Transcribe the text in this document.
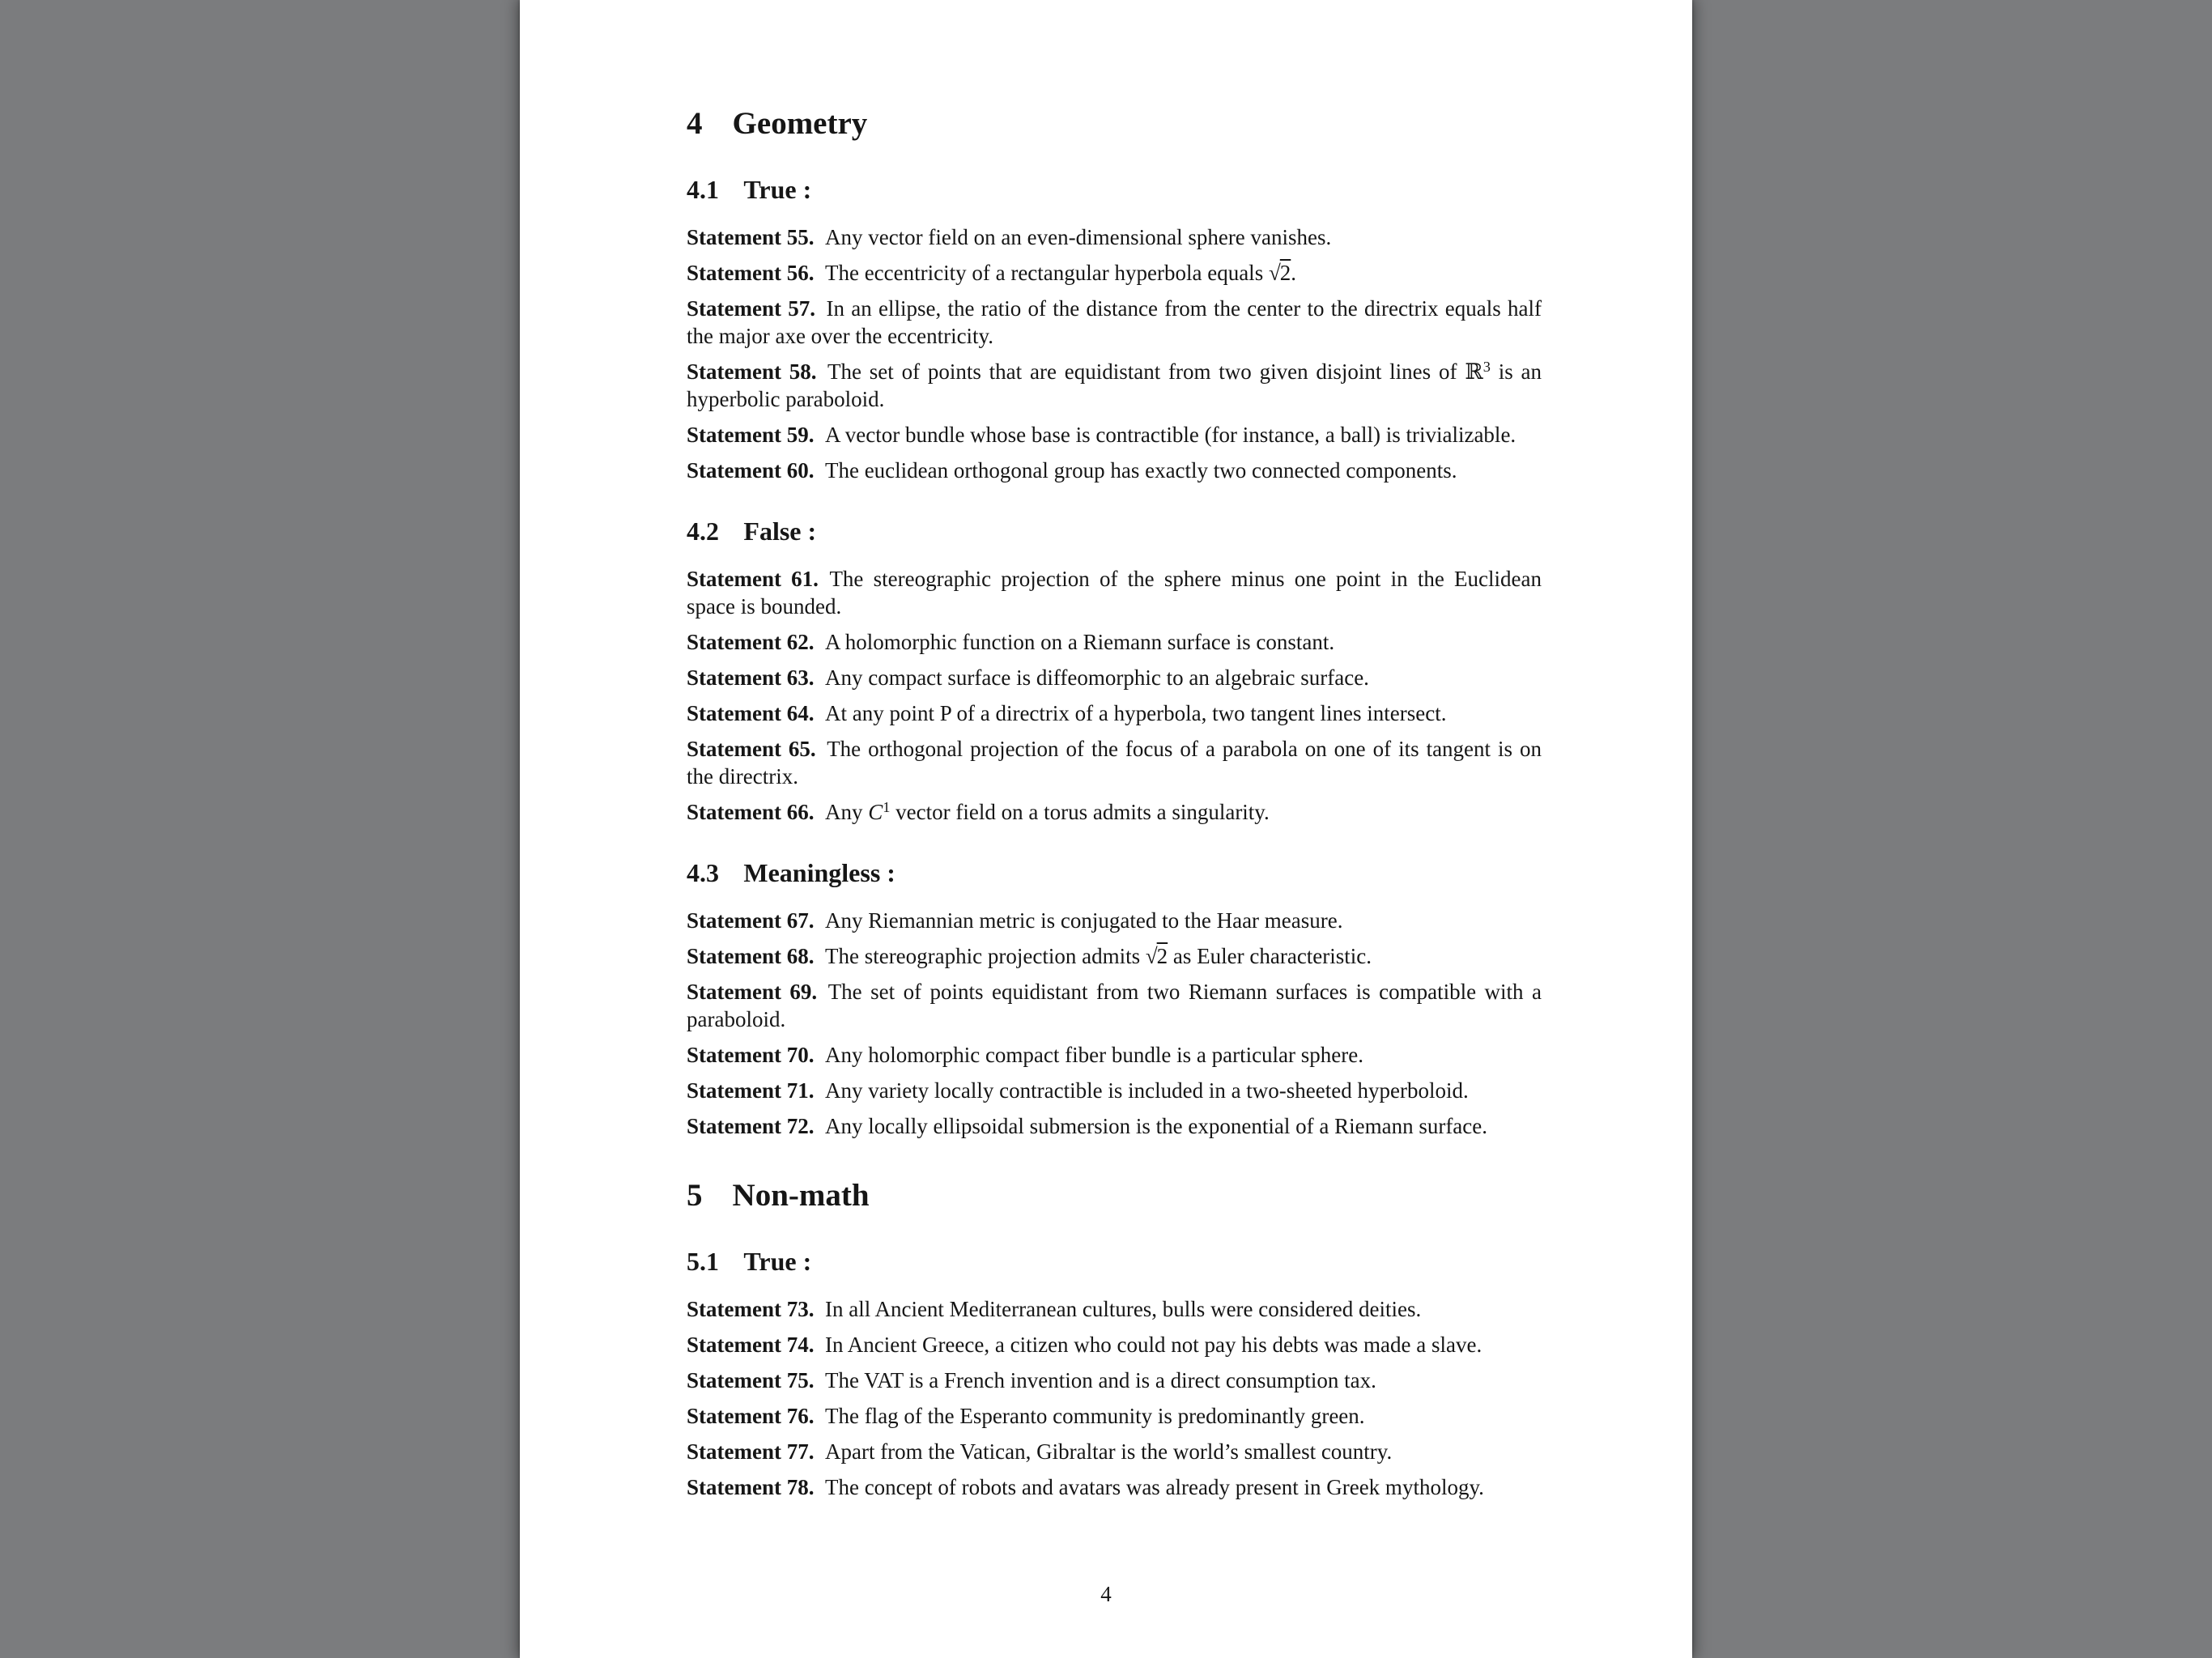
4 Geometry
4.1 True :

Statement 55. Any vector field on an even-dimensional sphere vanishes.

Statement 56. The eccentricity of a rectangular hyperbola equals √2.

Statement 57. In an ellipse, the ratio of the distance from the center to the directrix equals half the major axe over the eccentricity.

Statement 58. The set of points that are equidistant from two given disjoint lines of ℝ$^3$ is an hyperbolic paraboloid.

Statement 59. A vector bundle whose base is contractible (for instance, a ball) is trivializable.

Statement 60. The euclidean orthogonal group has exactly two connected components.

4.2 False :

Statement 61. The stereographic projection of the sphere minus one point in the Euclidean space is bounded.

Statement 62. A holomorphic function on a Riemann surface is constant.

Statement 63. Any compact surface is diffeomorphic to an algebraic surface.

Statement 64. At any point P of a directrix of a hyperbola, two tangent lines intersect.

Statement 65. The orthogonal projection of the focus of a parabola on one of its tangent is on the directrix.

Statement 66. Any $C^1$ vector field on a torus admits a singularity.

4.3 Meaningless :

Statement 67. Any Riemannian metric is conjugated to the Haar measure.

Statement 68. The stereographic projection admits √2 as Euler characteristic.

Statement 69. The set of points equidistant from two Riemann surfaces is compatible with a paraboloid.

Statement 70. Any holomorphic compact fiber bundle is a particular sphere.

Statement 71. Any variety locally contractible is included in a two-sheeted hyperboloid.

Statement 72. Any locally ellipsoidal submersion is the exponential of a Riemann surface.

5 Non-math
5.1 True :

Statement 73. In all Ancient Mediterranean cultures, bulls were considered deities.

Statement 74. In Ancient Greece, a citizen who could not pay his debts was made a slave.

Statement 75. The VAT is a French invention and is a direct consumption tax.

Statement 76. The flag of the Esperanto community is predominantly green.

Statement 77. Apart from the Vatican, Gibraltar is the world’s smallest country.

Statement 78. The concept of robots and avatars was already present in Greek mythology.

4
